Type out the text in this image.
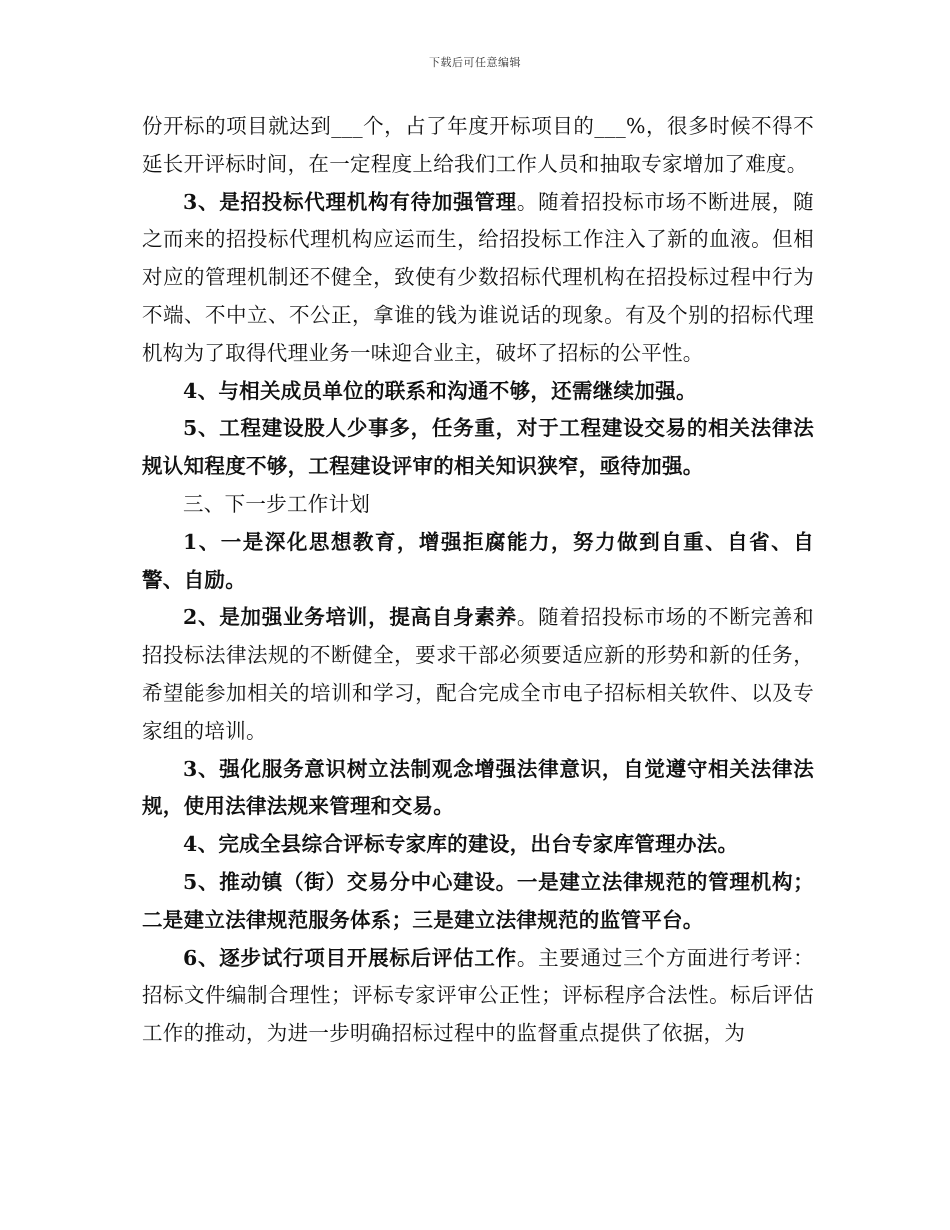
下载后可任意编辑

份开标的项目就达到___个，占了年度开标项目的___%，很多时候不得不延长开评标时间，在一定程度上给我们工作人员和抽取专家增加了难度。

3、是招投标代理机构有待加强管理。随着招投标市场不断进展，随之而来的招投标代理机构应运而生，给招投标工作注入了新的血液。但相对应的管理机制还不健全，致使有少数招标代理机构在招投标过程中行为不端、不中立、不公正，拿谁的钱为谁说话的现象。有及个别的招标代理机构为了取得代理业务一味迎合业主，破坏了招标的公平性。

4、与相关成员单位的联系和沟通不够，还需继续加强。

5、工程建设股人少事多，任务重，对于工程建设交易的相关法律法规认知程度不够，工程建设评审的相关知识狭窄，亟待加强。

三、下一步工作计划

1、一是深化思想教育，增强拒腐能力，努力做到自重、自省、自警、自励。

2、是加强业务培训，提高自身素养。随着招投标市场的不断完善和招投标法律法规的不断健全，要求干部必须要适应新的形势和新的任务，希望能参加相关的培训和学习，配合完成全市电子招标相关软件、以及专家组的培训。

3、强化服务意识树立法制观念增强法律意识，自觉遵守相关法律法规，使用法律法规来管理和交易。

4、完成全县综合评标专家库的建设，出台专家库管理办法。

5、推动镇（街）交易分中心建设。一是建立法律规范的管理机构；二是建立法律规范服务体系；三是建立法律规范的监管平台。

6、逐步试行项目开展标后评估工作。主要通过三个方面进行考评：招标文件编制合理性；评标专家评审公正性；评标程序合法性。标后评估工作的推动，为进一步明确招标过程中的监督重点提供了依据，为
